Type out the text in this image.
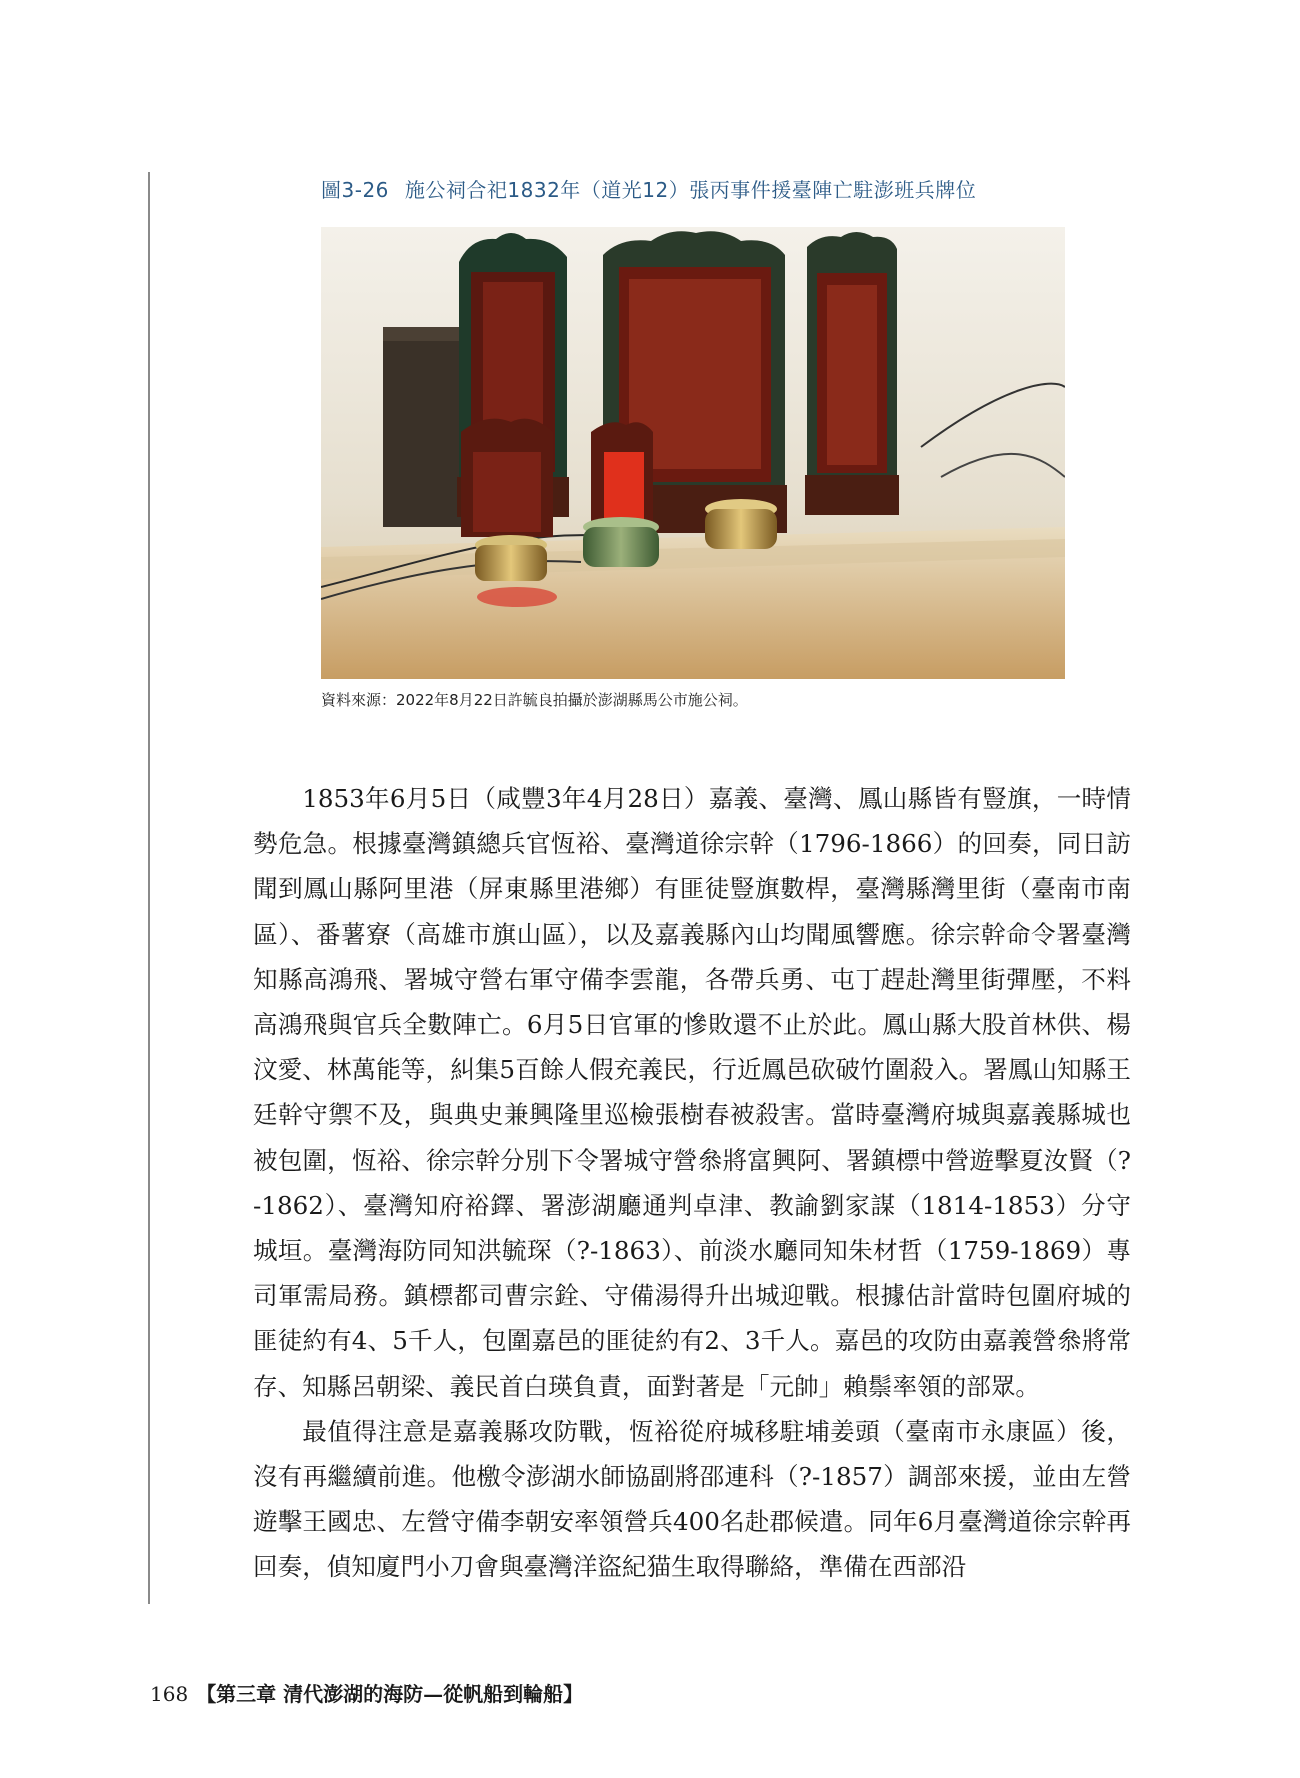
圖3-26 施公祠合祀1832年（道光12）張丙事件援臺陣亡駐澎班兵牌位
資料來源：2022年8月22日許毓良拍攝於澎湖縣馬公市施公祠。

1853年6月5日（咸豐3年4月28日）嘉義、臺灣、鳳山縣皆有豎旗，一時情勢危急。根據臺灣鎮總兵官恆裕、臺灣道徐宗幹（1796-1866）的回奏，同日訪聞到鳳山縣阿里港（屏東縣里港鄉）有匪徒豎旗數桿，臺灣縣灣里街（臺南市南區）、番薯寮（高雄市旗山區），以及嘉義縣內山均聞風響應。徐宗幹命令署臺灣知縣高鴻飛、署城守營右軍守備李雲龍，各帶兵勇、屯丁趕赴灣里街彈壓，不料高鴻飛與官兵全數陣亡。6月5日官軍的慘敗還不止於此。鳳山縣大股首林供、楊汶愛、林萬能等，糾集5百餘人假充義民，行近鳳邑砍破竹圍殺入。署鳳山知縣王廷幹守禦不及，與典史兼興隆里巡檢張樹春被殺害。當時臺灣府城與嘉義縣城也被包圍，恆裕、徐宗幹分別下令署城守營叅將富興阿、署鎮標中營遊擊夏汝賢（?-1862）、臺灣知府裕鐸、署澎湖廳通判卓津、教諭劉家謀（1814-1853）分守城垣。臺灣海防同知洪毓琛（?-1863）、前淡水廳同知朱材哲（1759-1869）專司軍需局務。鎮標都司曹宗銓、守備湯得升出城迎戰。根據估計當時包圍府城的匪徒約有4、5千人，包圍嘉邑的匪徒約有2、3千人。嘉邑的攻防由嘉義營叅將常存、知縣呂朝梁、義民首白瑛負責，面對著是「元帥」賴鬃率領的部眾。

最值得注意是嘉義縣攻防戰，恆裕從府城移駐埔姜頭（臺南市永康區）後，沒有再繼續前進。他檄令澎湖水師協副將邵連科（?-1857）調部來援，並由左營遊擊王國忠、左營守備李朝安率領營兵400名赴郡候遣。同年6月臺灣道徐宗幹再回奏，偵知廈門小刀會與臺灣洋盜紀猫生取得聯絡，準備在西部沿

168 【第三章 清代澎湖的海防—從帆船到輪船】
